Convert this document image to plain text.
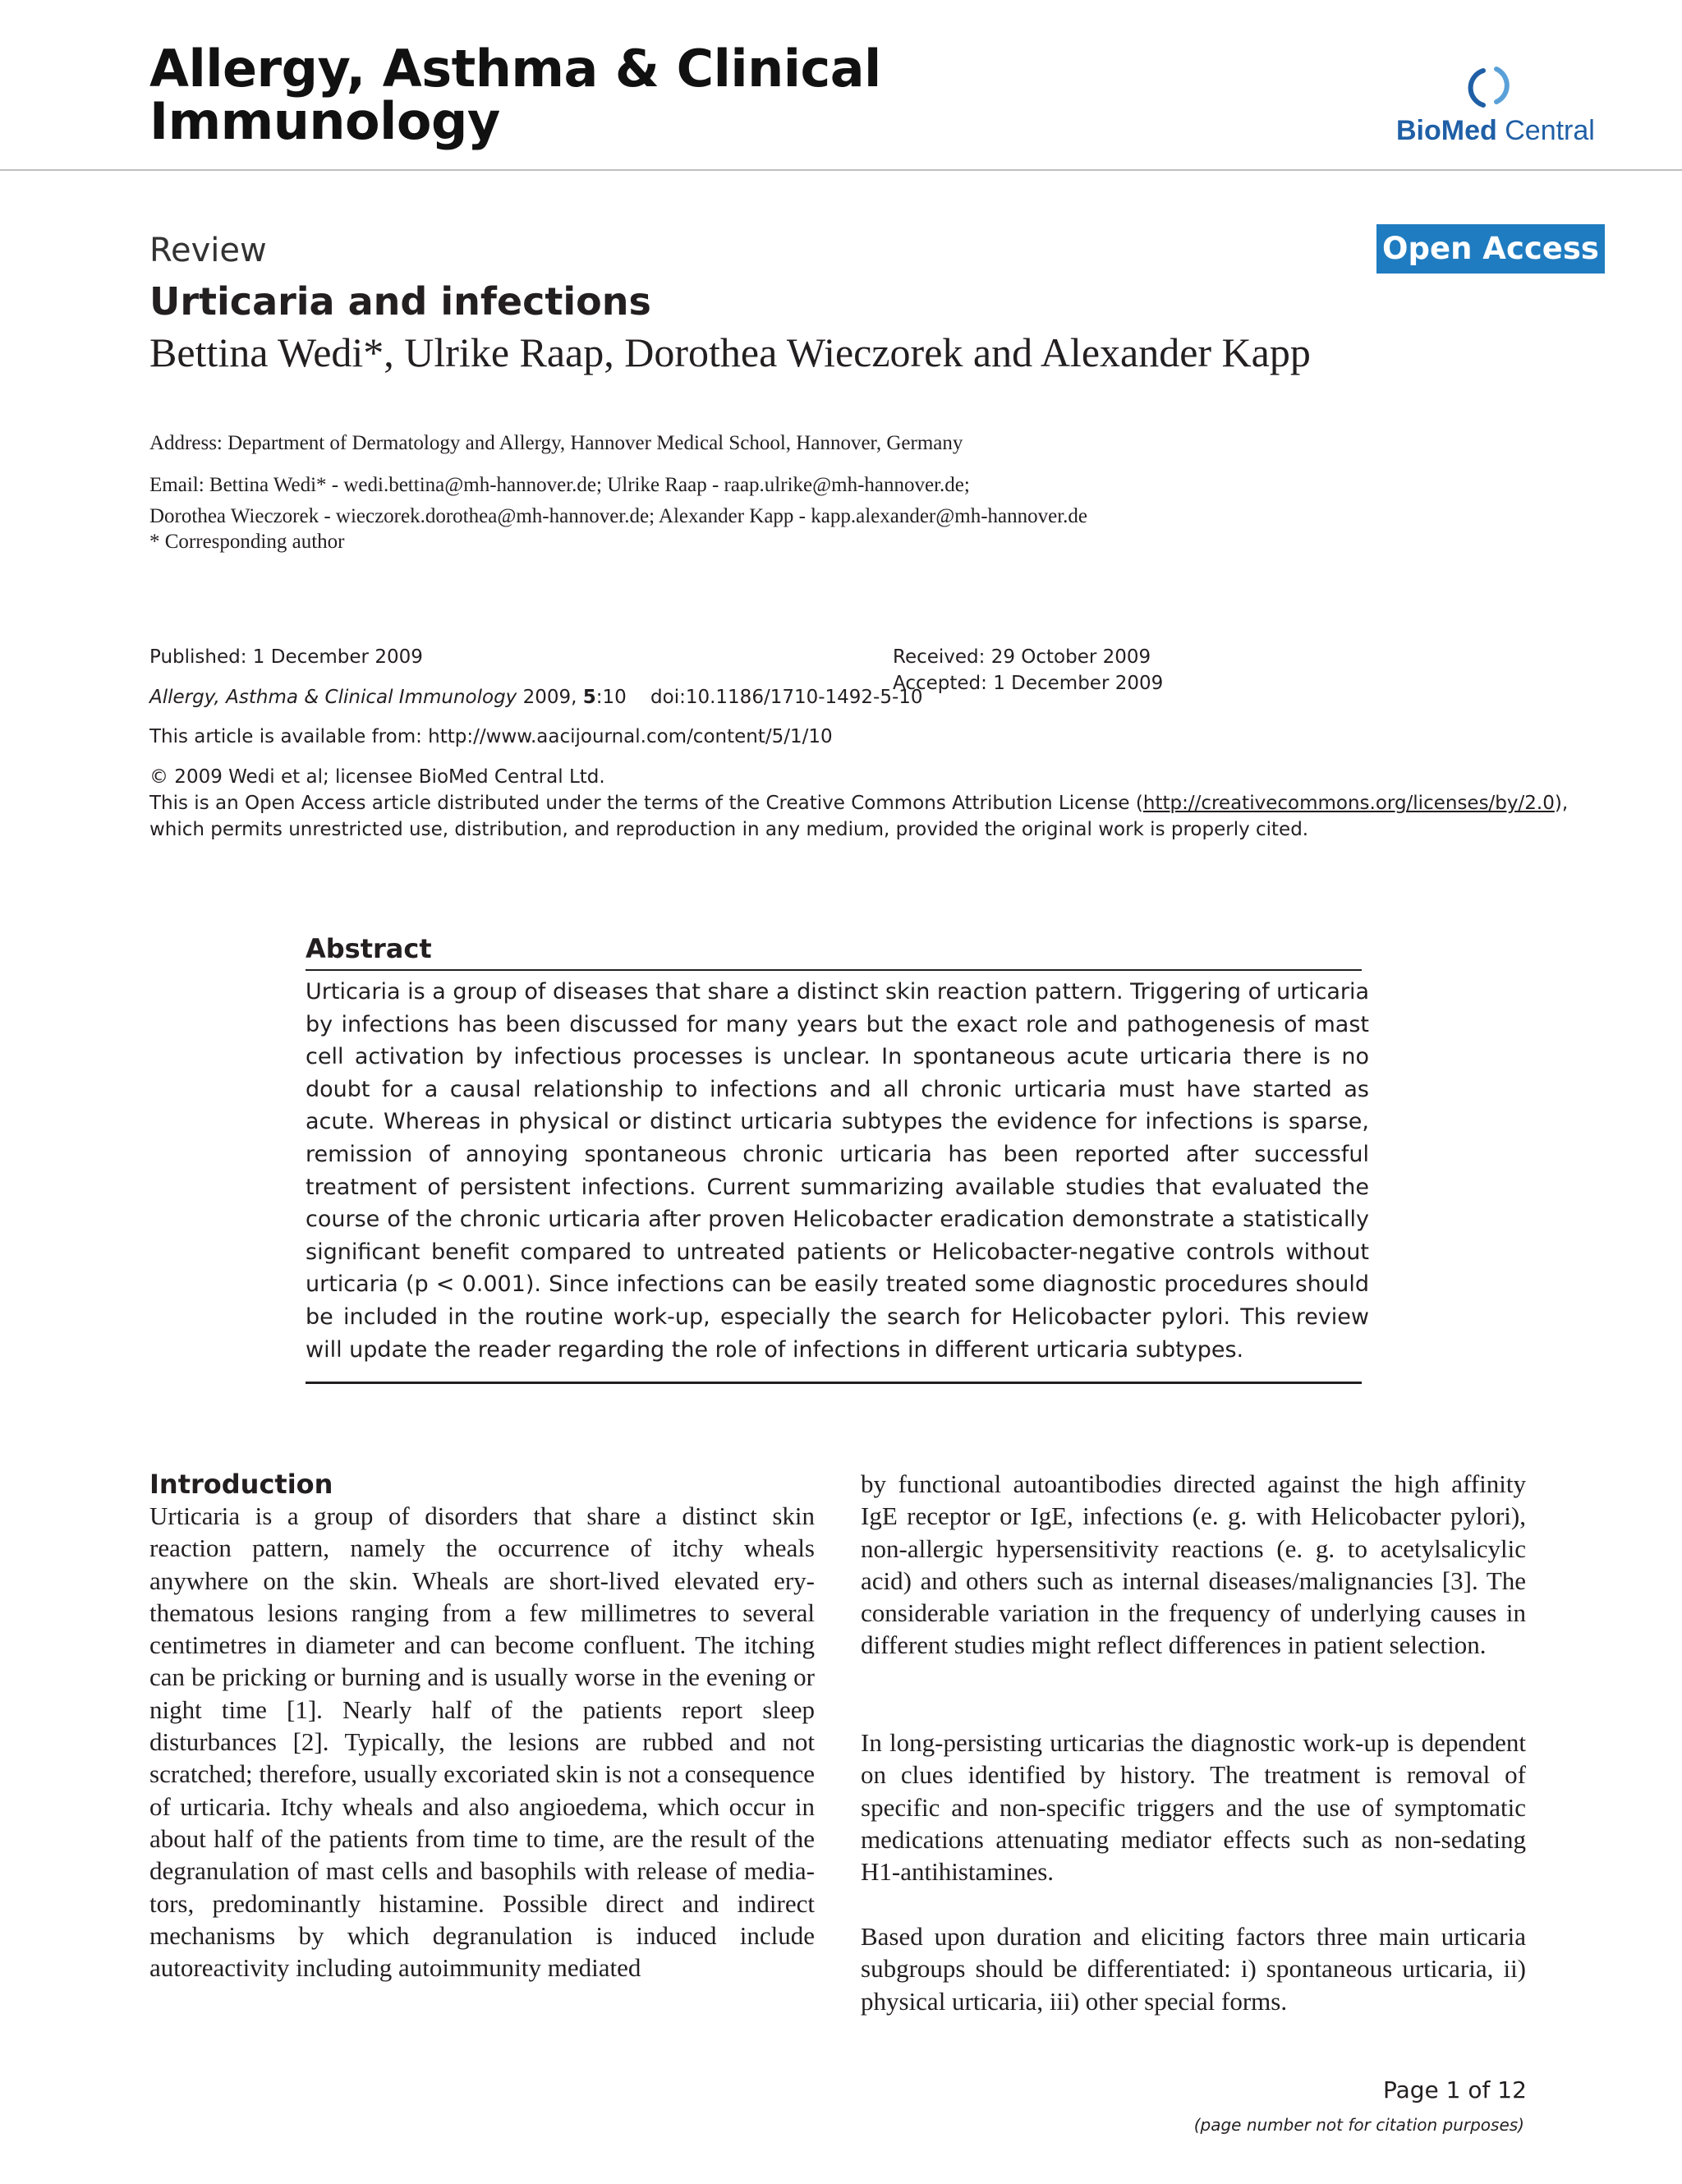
Allergy, Asthma & Clinical
Immunology	BioMed Central
Review	Open Access
Urticaria and infections
Bettina Wedi*, Ulrike Raap, Dorothea Wieczorek and Alexander Kapp
Address: Department of Dermatology and Allergy, Hannover Medical School, Hannover, Germany
Email: Bettina Wedi* - wedi.bettina@mh-hannover.de; Ulrike Raap - raap.ulrike@mh-hannover.de;
Dorothea Wieczorek - wieczorek.dorothea@mh-hannover.de; Alexander Kapp - kapp.alexander@mh-hannover.de
* Corresponding author
Published: 1 December 2009
Allergy, Asthma & Clinical Immunology 2009, 5:10    doi:10.1186/1710-1492-5-10
This article is available from: http://www.aacijournal.com/content/5/1/10
Received: 29 October 2009
Accepted: 1 December 2009
© 2009 Wedi et al; licensee BioMed Central Ltd.
This is an Open Access article distributed under the terms of the Creative Commons Attribution License (http://creativecommons.org/licenses/by/2.0),
which permits unrestricted use, distribution, and reproduction in any medium, provided the original work is properly cited.
Abstract
Urticaria is a group of diseases that share a distinct skin reaction pattern. Triggering of urticaria by infections has been discussed for many years but the exact role and pathogenesis of mast cell activation by infectious processes is unclear. In spontaneous acute urticaria there is no doubt for a causal relationship to infections and all chronic urticaria must have started as acute. Whereas in physical or distinct urticaria subtypes the evidence for infections is sparse, remission of annoying spontaneous chronic urticaria has been reported after successful treatment of persistent infections. Current summarizing available studies that evaluated the course of the chronic urticaria after proven Helicobacter eradication demonstrate a statistically significant benefit compared to untreated patients or Helicobacter-negative controls without urticaria (p < 0.001). Since infections can be easily treated some diagnostic procedures should be included in the routine work-up, especially the search for Helicobacter pylori. This review will update the reader regarding the role of infections in different urticaria subtypes.
Introduction
Urticaria is a group of disorders that share a distinct skin reaction pattern, namely the occurrence of itchy wheals anywhere on the skin. Wheals are short-lived elevated erythematous lesions ranging from a few millimetres to several centimetres in diameter and can become confluent. The itching can be pricking or burning and is usually worse in the evening or night time [1]. Nearly half of the patients report sleep disturbances [2]. Typically, the lesions are rubbed and not scratched; therefore, usually excoriated skin is not a consequence of urticaria. Itchy wheals and also angioedema, which occur in about half of the patients from time to time, are the result of the degranulation of mast cells and basophils with release of mediators, predominantly histamine. Possible direct and indirect mechanisms by which degranulation is induced include autoreactivity including autoimmunity mediated
by functional autoantibodies directed against the high affinity IgE receptor or IgE, infections (e. g. with Helicobacter pylori), non-allergic hypersensitivity reactions (e. g. to acetylsalicylic acid) and others such as internal diseases/malignancies [3]. The considerable variation in the frequency of underlying causes in different studies might reflect differences in patient selection.
In long-persisting urticarias the diagnostic work-up is dependent on clues identified by history. The treatment is removal of specific and non-specific triggers and the use of symptomatic medications attenuating mediator effects such as non-sedating H1-antihistamines.
Based upon duration and eliciting factors three main urticaria subgroups should be differentiated: i) spontaneous urticaria, ii) physical urticaria, iii) other special forms.
Page 1 of 12
(page number not for citation purposes)
